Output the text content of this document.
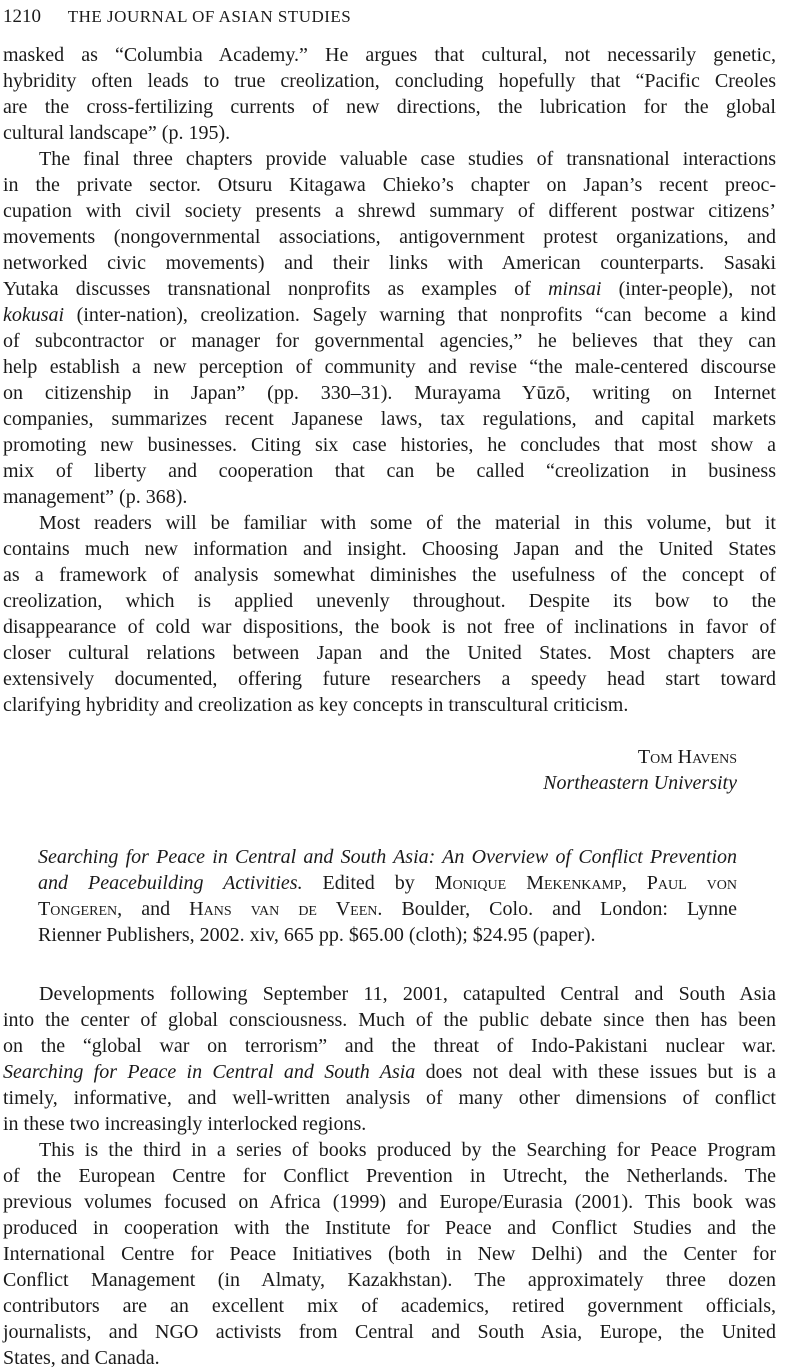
1210 THE JOURNAL OF ASIAN STUDIES
masked as “Columbia Academy.” He argues that cultural, not necessarily genetic,
hybridity often leads to true creolization, concluding hopefully that “Pacific Creoles
are the cross-fertilizing currents of new directions, the lubrication for the global
cultural landscape” (p. 195).
The final three chapters provide valuable case studies of transnational interactions
in the private sector. Otsuru Kitagawa Chieko’s chapter on Japan’s recent preoc-
cupation with civil society presents a shrewd summary of different postwar citizens’
movements (nongovernmental associations, antigovernment protest organizations, and
networked civic movements) and their links with American counterparts. Sasaki
Yutaka discusses transnational nonprofits as examples of minsai (inter-people), not
kokusai (inter-nation), creolization. Sagely warning that nonprofits “can become a kind
of subcontractor or manager for governmental agencies,” he believes that they can
help establish a new perception of community and revise “the male-centered discourse
on citizenship in Japan” (pp. 330–31). Murayama Yūzō, writing on Internet
companies, summarizes recent Japanese laws, tax regulations, and capital markets
promoting new businesses. Citing six case histories, he concludes that most show a
mix of liberty and cooperation that can be called “creolization in business
management” (p. 368).
Most readers will be familiar with some of the material in this volume, but it
contains much new information and insight. Choosing Japan and the United States
as a framework of analysis somewhat diminishes the usefulness of the concept of
creolization, which is applied unevenly throughout. Despite its bow to the
disappearance of cold war dispositions, the book is not free of inclinations in favor of
closer cultural relations between Japan and the United States. Most chapters are
extensively documented, offering future researchers a speedy head start toward
clarifying hybridity and creolization as key concepts in transcultural criticism.
Tom Havens
Northeastern University
Searching for Peace in Central and South Asia: An Overview of Conflict Prevention
and Peacebuilding Activities. Edited by Monique Mekenkamp, Paul von
Tongeren, and Hans van de Veen. Boulder, Colo. and London: Lynne
Rienner Publishers, 2002. xiv, 665 pp. $65.00 (cloth); $24.95 (paper).
Developments following September 11, 2001, catapulted Central and South Asia
into the center of global consciousness. Much of the public debate since then has been
on the “global war on terrorism” and the threat of Indo-Pakistani nuclear war.
Searching for Peace in Central and South Asia does not deal with these issues but is a
timely, informative, and well-written analysis of many other dimensions of conflict
in these two increasingly interlocked regions.
This is the third in a series of books produced by the Searching for Peace Program
of the European Centre for Conflict Prevention in Utrecht, the Netherlands. The
previous volumes focused on Africa (1999) and Europe/Eurasia (2001). This book was
produced in cooperation with the Institute for Peace and Conflict Studies and the
International Centre for Peace Initiatives (both in New Delhi) and the Center for
Conflict Management (in Almaty, Kazakhstan). The approximately three dozen
contributors are an excellent mix of academics, retired government officials,
journalists, and NGO activists from Central and South Asia, Europe, the United
States, and Canada.
